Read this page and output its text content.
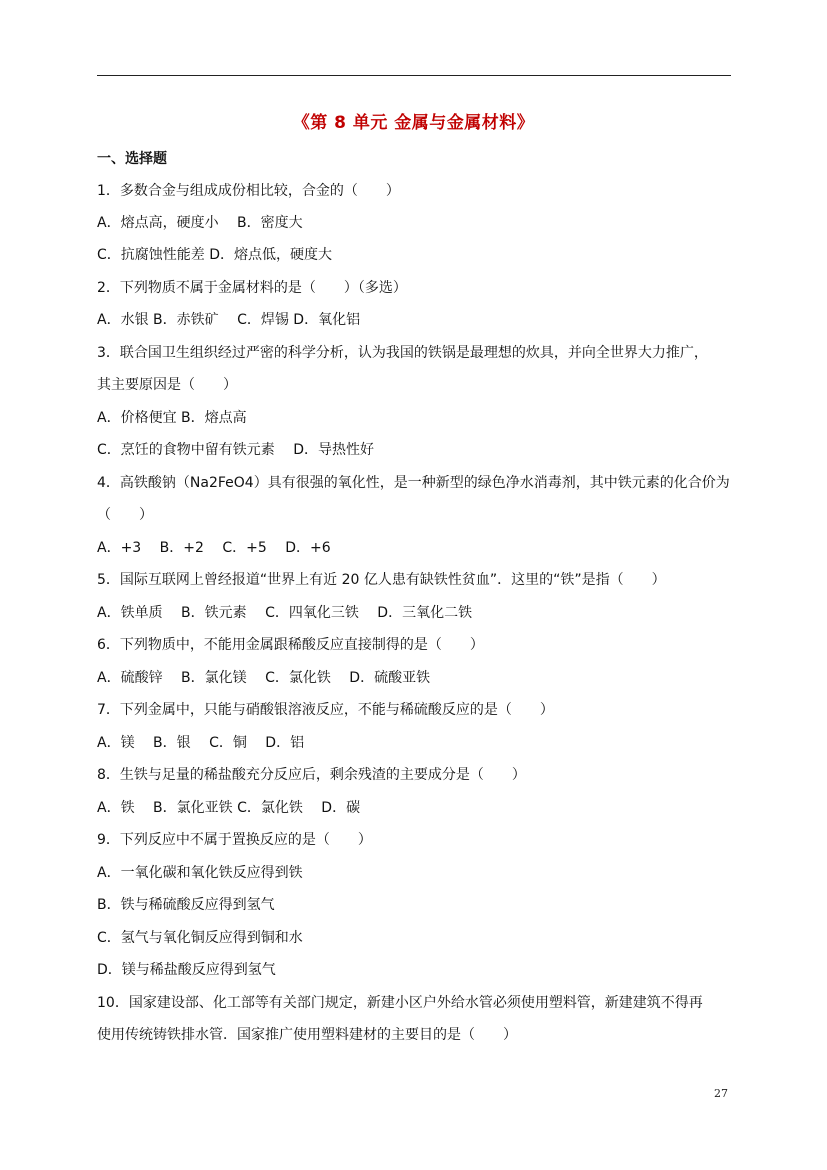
《第 8 单元 金属与金属材料》
一、选择题
1．多数合金与组成成份相比较，合金的（　　）
A．熔点高，硬度小　 B．密度大
C．抗腐蚀性能差 D．熔点低，硬度大
2．下列物质不属于金属材料的是（　　）（多选）
A．水银 B．赤铁矿　 C．焊锡 D．氧化铝
3．联合国卫生组织经过严密的科学分析，认为我国的铁锅是最理想的炊具，并向全世界大力推广，
其主要原因是（　　）
A．价格便宜 B．熔点高
C．烹饪的食物中留有铁元素　 D．导热性好
4．高铁酸钠（Na2FeO4）具有很强的氧化性，是一种新型的绿色净水消毒剂，其中铁元素的化合价为
（　　）
A．+3　 B．+2　 C．+5　 D．+6
5．国际互联网上曾经报道“世界上有近 20 亿人患有缺铁性贫血”．这里的“铁”是指（　　）
A．铁单质　 B．铁元素　 C．四氧化三铁　 D．三氧化二铁
6．下列物质中，不能用金属跟稀酸反应直接制得的是（　　）
A．硫酸锌　 B．氯化镁　 C．氯化铁　 D．硫酸亚铁
7．下列金属中，只能与硝酸银溶液反应，不能与稀硫酸反应的是（　　）
A．镁　 B．银　 C．铜　 D．铝
8．生铁与足量的稀盐酸充分反应后，剩余残渣的主要成分是（　　）
A．铁　 B．氯化亚铁 C．氯化铁　 D．碳
9．下列反应中不属于置换反应的是（　　）
A．一氧化碳和氧化铁反应得到铁
B．铁与稀硫酸反应得到氢气
C．氢气与氧化铜反应得到铜和水
D．镁与稀盐酸反应得到氢气
10．国家建设部、化工部等有关部门规定，新建小区户外给水管必须使用塑料管，新建建筑不得再
使用传统铸铁排水管．国家推广使用塑料建材的主要目的是（　　）
27
